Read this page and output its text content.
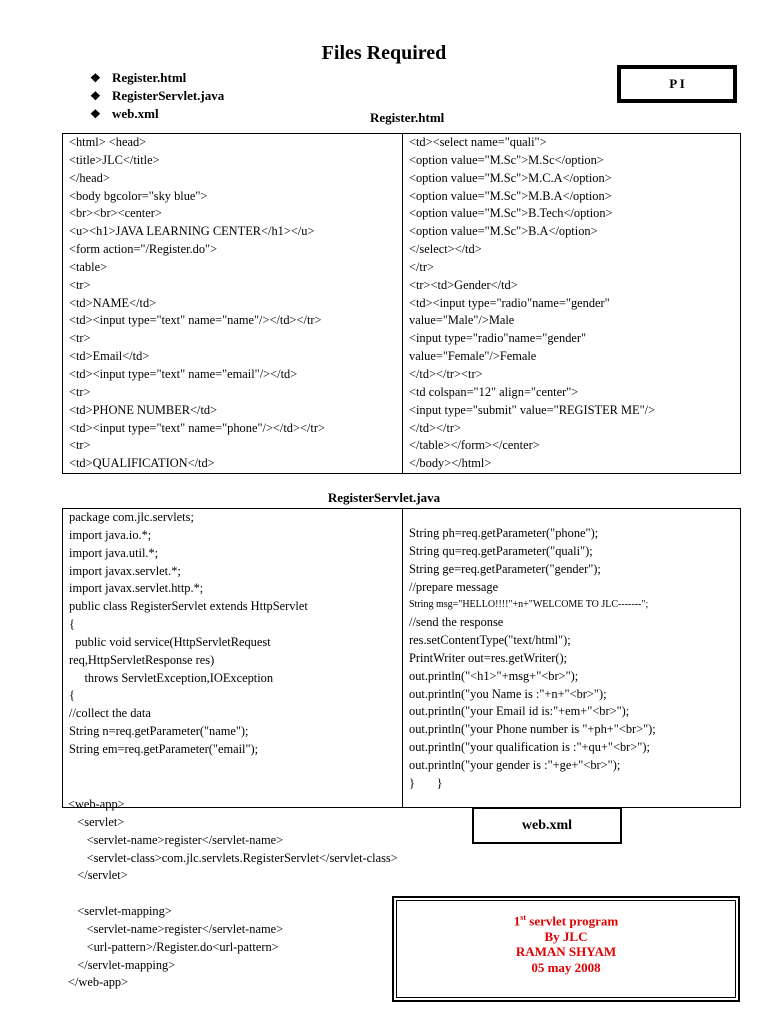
Files Required
❖ Register.html
❖ RegisterServlet.java
❖ web.xml
P I
Register.html
<html> <head>
<title>JLC</title>
</head>
<body bgcolor="sky blue">
<br><br><center>
<u><h1>JAVA LEARNING CENTER</h1></u>
<form action="/Register.do">
<table>
<tr>
<td>NAME</td>
<td><input type="text" name="name"/></td></tr>
<tr>
<td>Email</td>
<td><input type="text" name="email"/></td>
<tr>
<td>PHONE NUMBER</td>
<td><input type="text" name="phone"/></td></tr>
<tr>
<td>QUALIFICATION</td>

<td><select name="quali">
<option value="M.Sc">M.Sc</option>
<option value="M.Sc">M.C.A</option>
<option value="M.Sc">M.B.A</option>
<option value="M.Sc">B.Tech</option>
<option value="M.Sc">B.A</option>
</select></td>
</tr>
<tr><td>Gender</td>
<td><input type="radio"name="gender"
value="Male"/>Male
<input type="radio"name="gender"
value="Female"/>Female
</td></tr><tr>
<td colspan="12" align="center">
<input type="submit" value="REGISTER ME"/>
</td></tr>
</table></form></center>
</body></html>
RegisterServlet.java
package com.jlc.servlets;
import java.io.*;
import java.util.*;
import javax.servlet.*;
import javax.servlet.http.*;
public class RegisterServlet extends HttpServlet
{
public void service(HttpServletRequest
req,HttpServletResponse res)
throws ServletException,IOException
{
//collect the data
String n=req.getParameter("name");
String em=req.getParameter("email");

String ph=req.getParameter("phone");
String qu=req.getParameter("quali");
String ge=req.getParameter("gender");
//prepare message
String msg="HELLO!!!!"+n+"WELCOME TO JLC-------";
//send the response
res.setContentType("text/html");
PrintWriter out=res.getWriter();
out.println("<h1>"+msg+"<br>");
out.println("you Name is :"+n+"<br>");
out.println("your Email id is:"+em+"<br>");
out.println("your Phone number is "+ph+"<br>");
out.println("your qualification is :"+qu+"<br>");
out.println("your gender is :"+ge+"<br>");
}       }
<web-app>
<servlet>
<servlet-name>register</servlet-name>
<servlet-class>com.jlc.servlets.RegisterServlet</servlet-class>
</servlet>

<servlet-mapping>
<servlet-name>register</servlet-name>
<url-pattern>/Register.do<url-pattern>
</servlet-mapping>
</web-app>
web.xml
1st servlet program
By JLC
RAMAN SHYAM
05 may 2008
